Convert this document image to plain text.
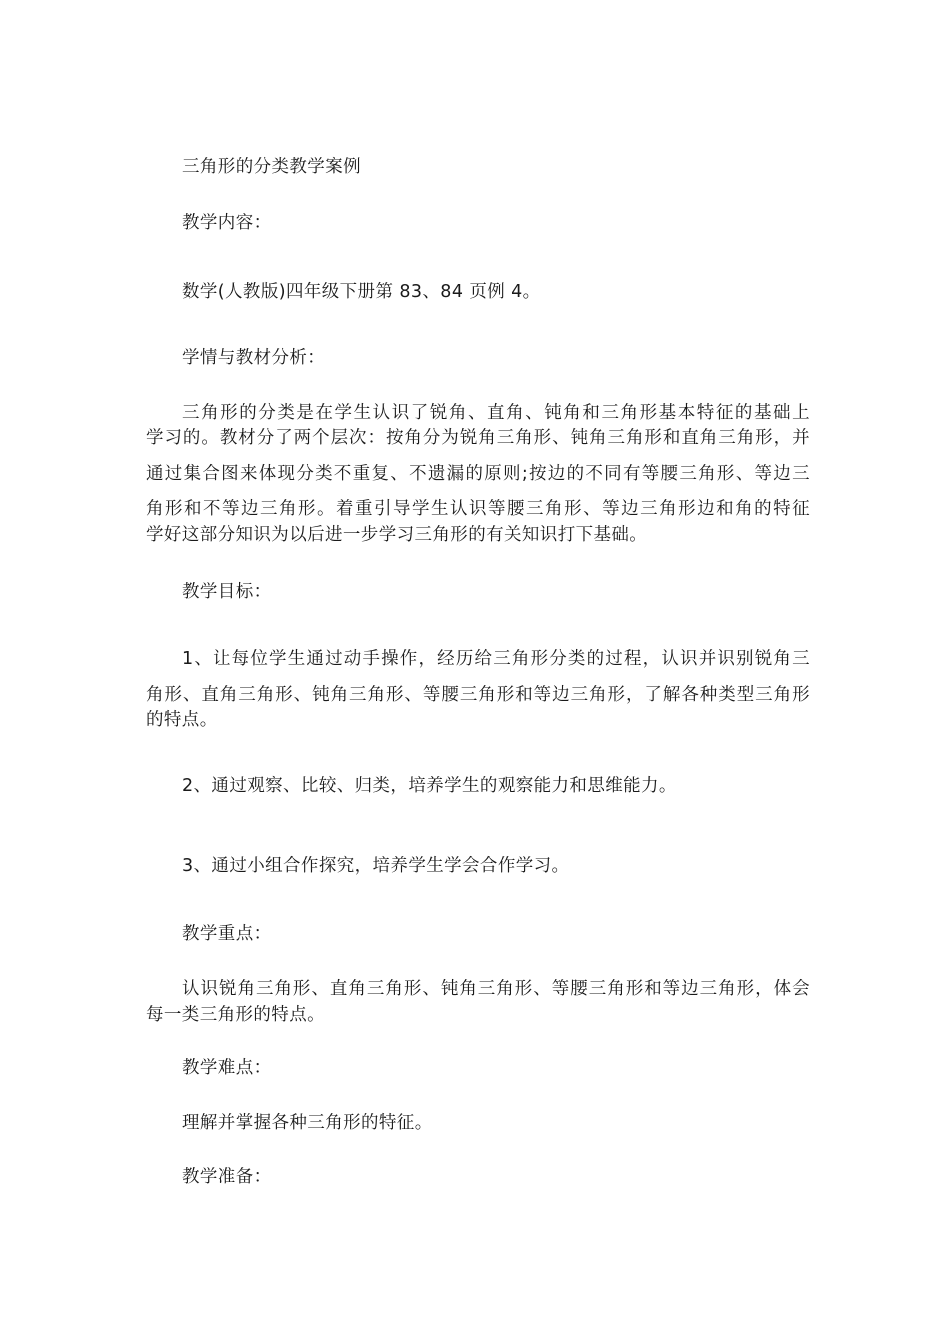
三角形的分类教学案例
教学内容：
数学(人教版)四年级下册第 83、84 页例 4。
学情与教材分析：
三角形的分类是在学生认识了锐角、直角、钝角和三角形基本特征的基础上
学习的。教材分了两个层次：按角分为锐角三角形、钝角三角形和直角三角形，并
通过集合图来体现分类不重复、不遗漏的原则;按边的不同有等腰三角形、等边三
角形和不等边三角形。着重引导学生认识等腰三角形、等边三角形边和角的特征
学好这部分知识为以后进一步学习三角形的有关知识打下基础。
教学目标：
1、让每位学生通过动手操作，经历给三角形分类的过程，认识并识别锐角三
角形、直角三角形、钝角三角形、等腰三角形和等边三角形，了解各种类型三角形
的特点。
2、通过观察、比较、归类，培养学生的观察能力和思维能力。
3、通过小组合作探究，培养学生学会合作学习。
教学重点：
认识锐角三角形、直角三角形、钝角三角形、等腰三角形和等边三角形，体会
每一类三角形的特点。
教学难点：
理解并掌握各种三角形的特征。
教学准备：
